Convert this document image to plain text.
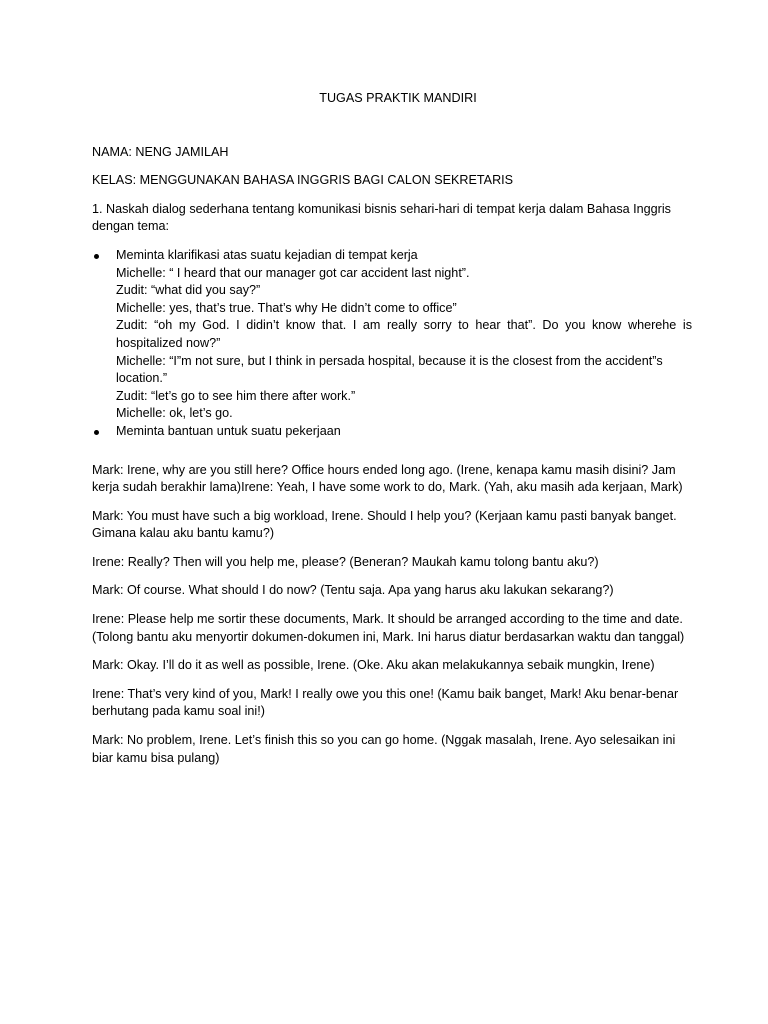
TUGAS PRAKTIK MANDIRI
NAMA: NENG JAMILAH
KELAS: MENGGUNAKAN BAHASA INGGRIS BAGI CALON SEKRETARIS
1. Naskah dialog sederhana tentang komunikasi bisnis sehari-hari di tempat kerja dalam Bahasa Inggris dengan tema:
Meminta klarifikasi atas suatu kejadian di tempat kerja
Michelle: “ I heard that our manager got car accident last night”.
Zudit: “what did you say?”
Michelle: yes, that’s true. That’s why He didn’t come to office”
Zudit: “oh my God. I didin’t know that. I am really sorry to hear that”. Do you know wherehe is hospitalized now?”
Michelle: “I”m not sure, but I think in persada hospital, because it is the closest from the accident”s location.”
Zudit: “let’s go to see him there after work.”
Michelle: ok, let’s go.
Meminta bantuan untuk suatu pekerjaan
Mark: Irene, why are you still here? Office hours ended long ago. (Irene, kenapa kamu masih disini? Jam kerja sudah berakhir lama)Irene: Yeah, I have some work to do, Mark. (Yah, aku masih ada kerjaan, Mark)
Mark: You must have such a big workload, Irene. Should I help you? (Kerjaan kamu pasti banyak banget. Gimana kalau aku bantu kamu?)
Irene: Really? Then will you help me, please? (Beneran? Maukah kamu tolong bantu aku?)
Mark: Of course. What should I do now? (Tentu saja. Apa yang harus aku lakukan sekarang?)
Irene: Please help me sortir these documents, Mark. It should be arranged according to the time and date. (Tolong bantu aku menyortir dokumen-dokumen ini, Mark. Ini harus diatur berdasarkan waktu dan tanggal)
Mark: Okay. I’ll do it as well as possible, Irene. (Oke. Aku akan melakukannya sebaik mungkin, Irene)
Irene: That’s very kind of you, Mark! I really owe you this one! (Kamu baik banget, Mark! Aku benar-benar berhutang pada kamu soal ini!)
Mark: No problem, Irene. Let’s finish this so you can go home. (Nggak masalah, Irene. Ayo selesaikan ini biar kamu bisa pulang)
